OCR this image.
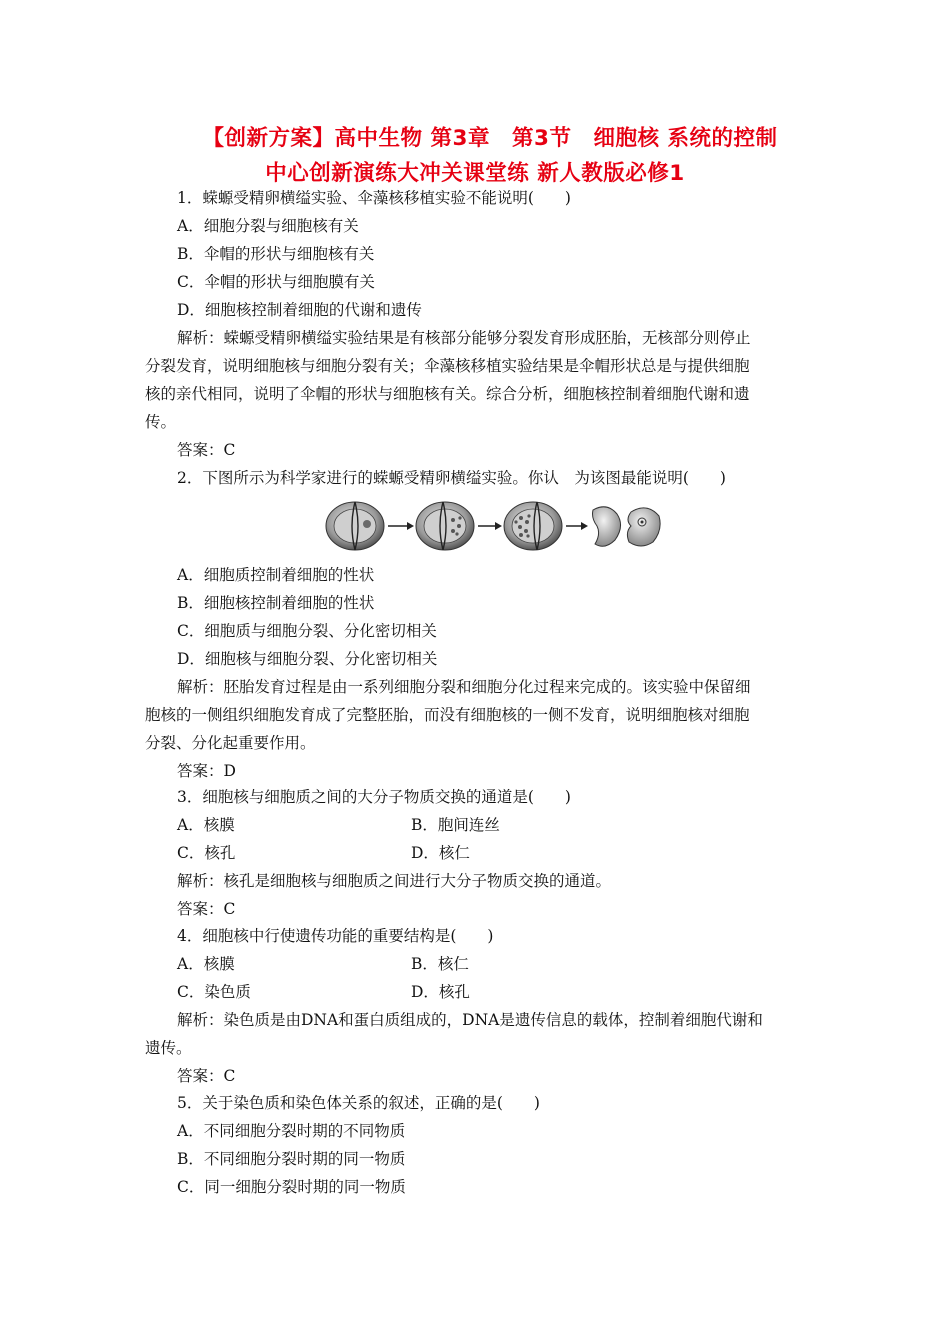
【创新方案】高中生物 第3章　第3节　细胞核 系统的控制
中心创新演练大冲关课堂练 新人教版必修1
1．蝾螈受精卵横缢实验、伞藻核移植实验不能说明(　　)
A．细胞分裂与细胞核有关
B．伞帽的形状与细胞核有关
C．伞帽的形状与细胞膜有关
D．细胞核控制着细胞的代谢和遗传
解析：蝾螈受精卵横缢实验结果是有核部分能够分裂发育形成胚胎，无核部分则停止
分裂发育，说明细胞核与细胞分裂有关；伞藻核移植实验结果是伞帽形状总是与提供细胞
核的亲代相同，说明了伞帽的形状与细胞核有关。综合分析，细胞核控制着细胞代谢和遗
传。
答案：C
2．下图所示为科学家进行的蝾螈受精卵横缢实验。你认　为该图最能说明(　　)
A．细胞质控制着细胞的性状
B．细胞核控制着细胞的性状
C．细胞质与细胞分裂、分化密切相关
D．细胞核与细胞分裂、分化密切相关
解析：胚胎发育过程是由一系列细胞分裂和细胞分化过程来完成的。该实验中保留细
胞核的一侧组织细胞发育成了完整胚胎，而没有细胞核的一侧不发育，说明细胞核对细胞
分裂、分化起重要作用。
答案：D
3．细胞核与细胞质之间的大分子物质交换的通道是(　　)
A．核膜	B．胞间连丝
C．核孔	D．核仁
解析：核孔是细胞核与细胞质之间进行大分子物质交换的通道。
答案：C
4．细胞核中行使遗传功能的重要结构是(　　)
A．核膜	B．核仁
C．染色质	D．核孔
解析：染色质是由DNA和蛋白质组成的，DNA是遗传信息的载体，控制着细胞代谢和
遗传。
答案：C
5．关于染色质和染色体关系的叙述，正确的是(　　)
A．不同细胞分裂时期的不同物质
B．不同细胞分裂时期的同一物质
C．同一细胞分裂时期的同一物质
